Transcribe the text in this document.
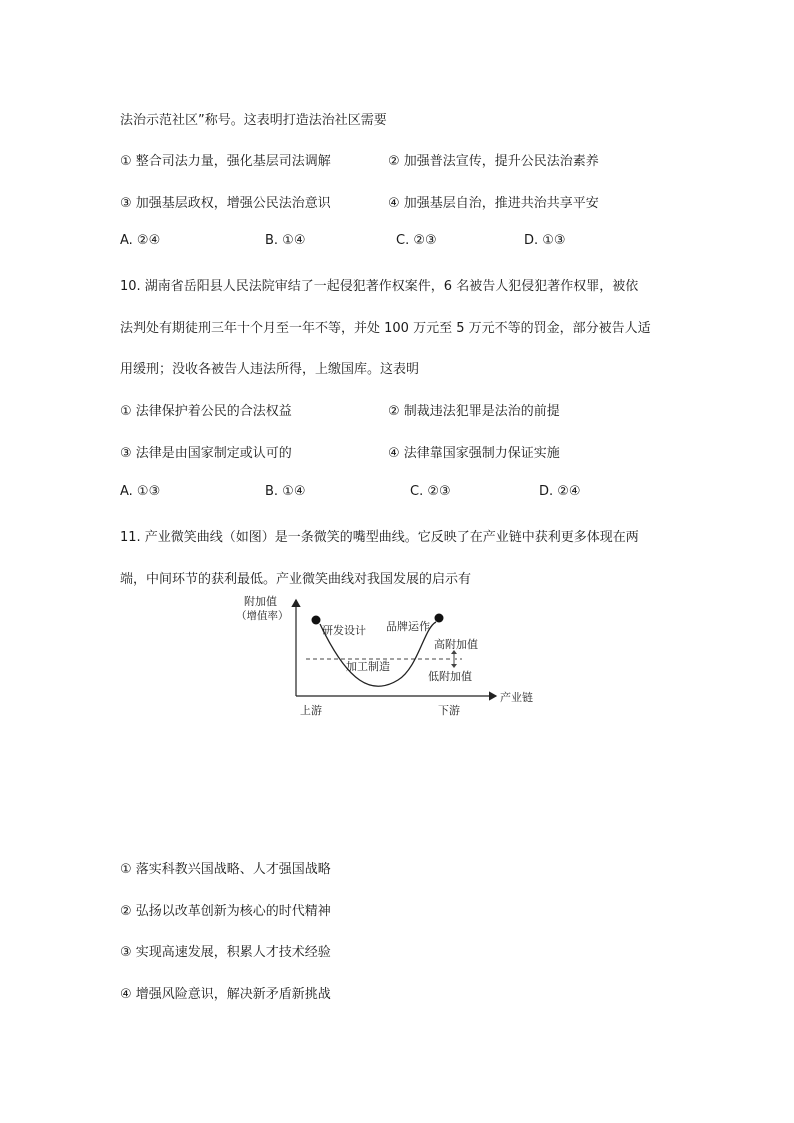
法治示范社区”称号。这表明打造法治社区需要
① 整合司法力量，强化基层司法调解	② 加强普法宣传，提升公民法治素养
③ 加强基层政权，增强公民法治意识	④ 加强基层自治，推进共治共享平安
A. ②④	B. ①④	C. ②③	D. ①③
10. 湖南省岳阳县人民法院审结了一起侵犯著作权案件，6 名被告人犯侵犯著作权罪，被依
法判处有期徒刑三年十个月至一年不等，并处 100 万元至 5 万元不等的罚金，部分被告人适
用缓刑；没收各被告人违法所得，上缴国库。这表明
① 法律保护着公民的合法权益	② 制裁违法犯罪是法治的前提
③ 法律是由国家制定或认可的	④ 法律靠国家强制力保证实施
A. ①③	B. ①④	C. ②③	D. ②④
11. 产业微笑曲线（如图）是一条微笑的嘴型曲线。它反映了在产业链中获利更多体现在两
端，中间环节的获利最低。产业微笑曲线对我国发展的启示有
附加值
（增值率）
研发设计 品牌运作
高附加值
加工制造
低附加值
产业链
上游	下游
① 落实科教兴国战略、人才强国战略
② 弘扬以改革创新为核心的时代精神
③ 实现高速发展，积累人才技术经验
④ 增强风险意识，解决新矛盾新挑战
